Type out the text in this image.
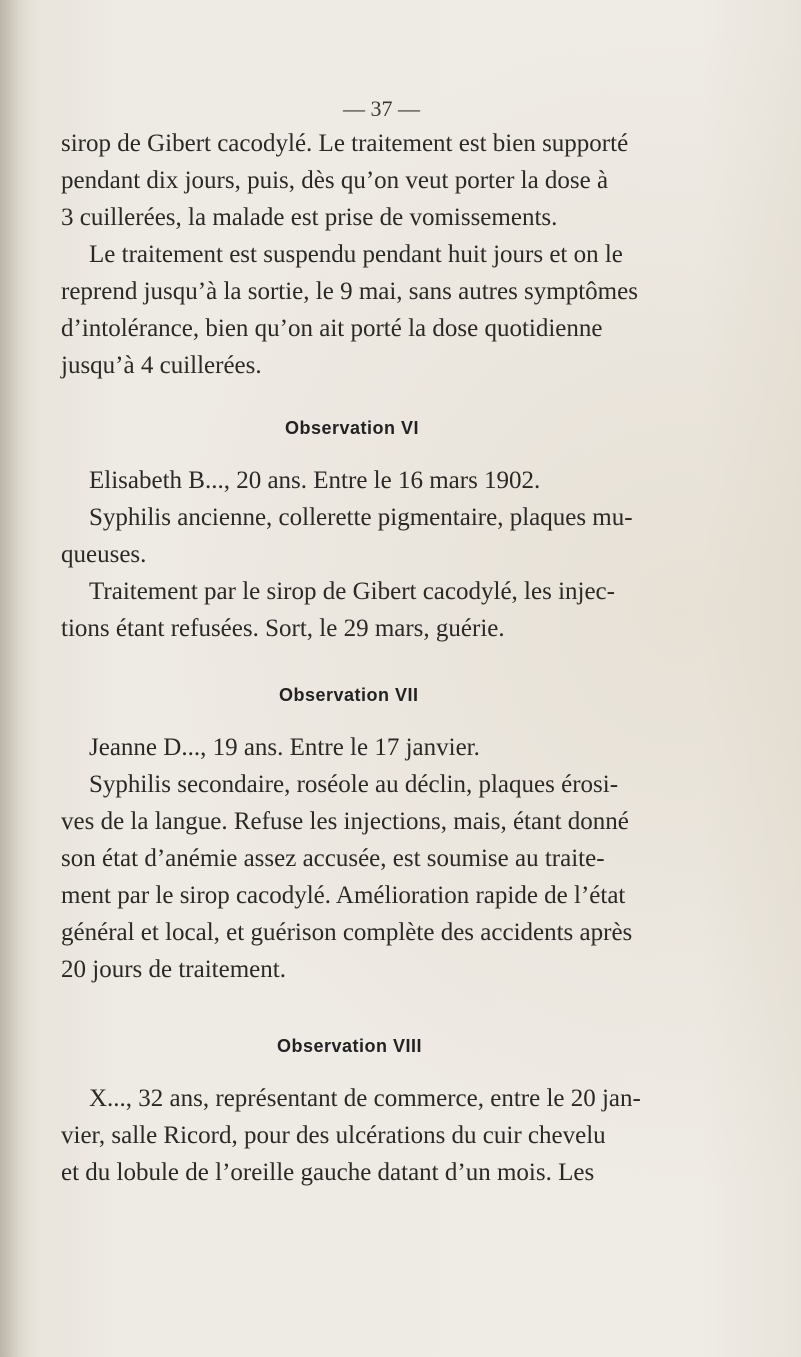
— 37 —

sirop de Gibert cacodylé. Le traitement est bien supporté

pendant dix jours, puis, dès qu’on veut porter la dose à

3 cuillerées, la malade est prise de vomissements.

Le traitement est suspendu pendant huit jours et on le

reprend jusqu’à la sortie, le 9 mai, sans autres symptômes

d’intolérance, bien qu’on ait porté la dose quotidienne

jusqu’à 4 cuillerées.

Observation VI

Elisabeth B..., 20 ans. Entre le 16 mars 1902.

Syphilis ancienne, collerette pigmentaire, plaques mu-

queuses.

Traitement par le sirop de Gibert cacodylé, les injec-

tions étant refusées. Sort, le 29 mars, guérie.

Observation VII

Jeanne D..., 19 ans. Entre le 17 janvier.

Syphilis secondaire, roséole au déclin, plaques érosi-

ves de la langue. Refuse les injections, mais, étant donné

son état d’anémie assez accusée, est soumise au traite-

ment par le sirop cacodylé. Amélioration rapide de l’état

général et local, et guérison complète des accidents après

20 jours de traitement.

Observation VIII

X..., 32 ans, représentant de commerce, entre le 20 jan-

vier, salle Ricord, pour des ulcérations du cuir chevelu

et du lobule de l’oreille gauche datant d’un mois. Les
